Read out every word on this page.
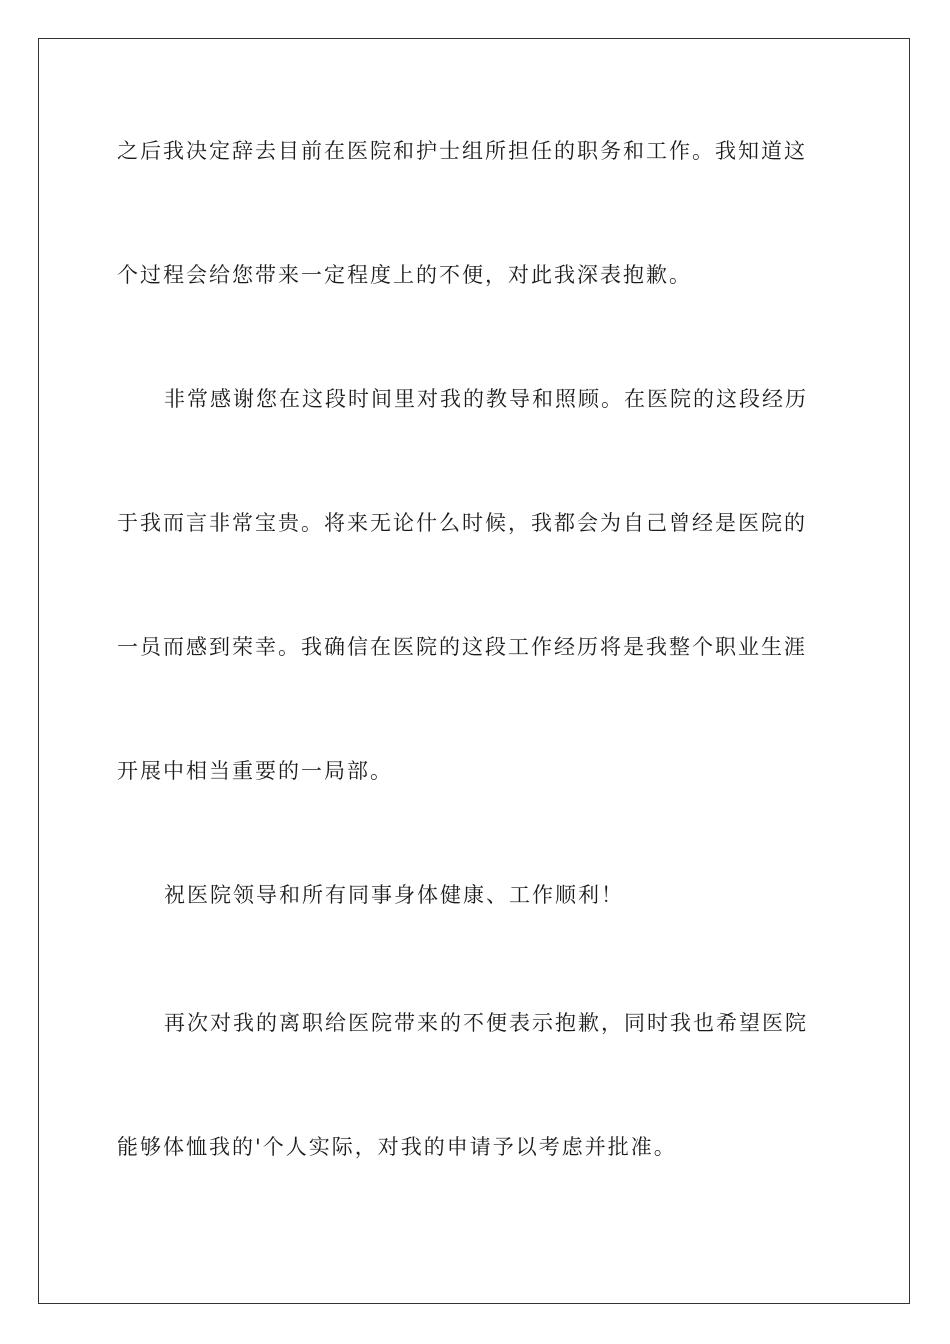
之后我决定辞去目前在医院和护士组所担任的职务和工作。我知道这

个过程会给您带来一定程度上的不便，对此我深表抱歉。

非常感谢您在这段时间里对我的教导和照顾。在医院的这段经历

于我而言非常宝贵。将来无论什么时候，我都会为自己曾经是医院的

一员而感到荣幸。我确信在医院的这段工作经历将是我整个职业生涯

开展中相当重要的一局部。

祝医院领导和所有同事身体健康、工作顺利！

再次对我的离职给医院带来的不便表示抱歉，同时我也希望医院

能够体恤我的'个人实际，对我的申请予以考虑并批准。
